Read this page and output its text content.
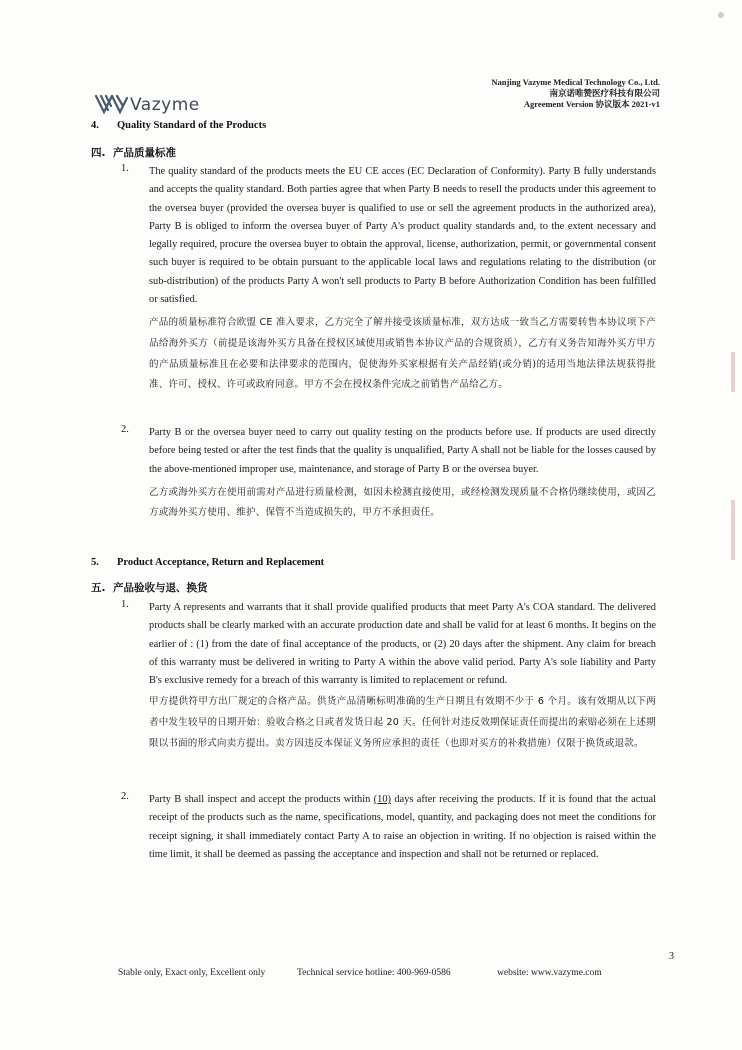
Vazyme
Nanjing Vazyme Medical Technology Co., Ltd.
南京诺唯赞医疗科技有限公司
Agreement Version 协议版本 2021-v1
4. Quality Standard of the Products
四. 产品质量标准
1. The quality standard of the products meets the EU CE acces (EC Declaration of Conformity). Party B fully understands and accepts the quality standard. Both parties agree that when Party B needs to resell the products under this agreement to the oversea buyer (provided the oversea buyer is qualified to use or sell the agreement products in the authorized area), Party B is obliged to inform the oversea buyer of Party A's product quality standards and, to the extent necessary and legally required, procure the oversea buyer to obtain the approval, license, authorization, permit, or governmental consent such buyer is required to be obtain pursuant to the applicable local laws and regulations relating to the distribution (or sub-distribution) of the products Party A won't sell products to Party B before Authorization Condition has been fulfilled or satisfied.

产品的质量标准符合欧盟 CE 准入要求，乙方完全了解并接受该质量标准，双方达成一致当乙方需要转售本协议项下产品给海外买方（前提是该海外买方具备在授权区域使用或销售本协议产品的合规资质），乙方有义务告知海外买方甲方的产品质量标准且在必要和法律要求的范围内，促使海外买家根据有关产品经销(或分销)的适用当地法律法规获得批准、许可、授权、许可或政府同意。甲方不会在授权条件完成之前销售产品给乙方。

2. Party B or the oversea buyer need to carry out quality testing on the products before use. If products are used directly before being tested or after the test finds that the quality is unqualified, Party A shall not be liable for the losses caused by the above-mentioned improper use, maintenance, and storage of Party B or the oversea buyer.

乙方或海外买方在使用前需对产品进行质量检测，如因未检测直接使用，或经检测发现质量不合格仍继续使用，或因乙方或海外买方使用、维护、保管不当造成损失的，甲方不承担责任。

5. Product Acceptance, Return and Replacement
五. 产品验收与退、换货
1. Party A represents and warrants that it shall provide qualified products that meet Party A's COA standard. The delivered products shall be clearly marked with an accurate production date and shall be valid for at least 6 months. It begins on the earlier of : (1) from the date of final acceptance of the products, or (2) 20 days after the shipment. Any claim for breach of this warranty must be delivered in writing to Party A within the above valid period. Party A's sole liability and Party B's exclusive remedy for a breach of this warranty is limited to replacement or refund.

甲方提供符甲方出厂规定的合格产品。供货产品清晰标明准确的生产日期且有效期不少于 6 个月。该有效期从以下两者中发生较早的日期开始：验收合格之日或者发货日起 20 天。任何针对违反效期保证责任而提出的索赔必须在上述期限以书面的形式向卖方提出。卖方因违反本保证义务所应承担的责任（也即对买方的补救措施）仅限于换货或退款。

2. Party B shall inspect and accept the products within (10) days after receiving the products. If it is found that the actual receipt of the products such as the name, specifications, model, quantity, and packaging does not meet the conditions for receipt signing, it shall immediately contact Party A to raise an objection in writing. If no objection is raised within the time limit, it shall be deemed as passing the acceptance and inspection and shall not be returned or replaced.

3
Stable only, Exact only, Excellent only	Technical service hotline: 400-969-0586	website: www.vazyme.com
